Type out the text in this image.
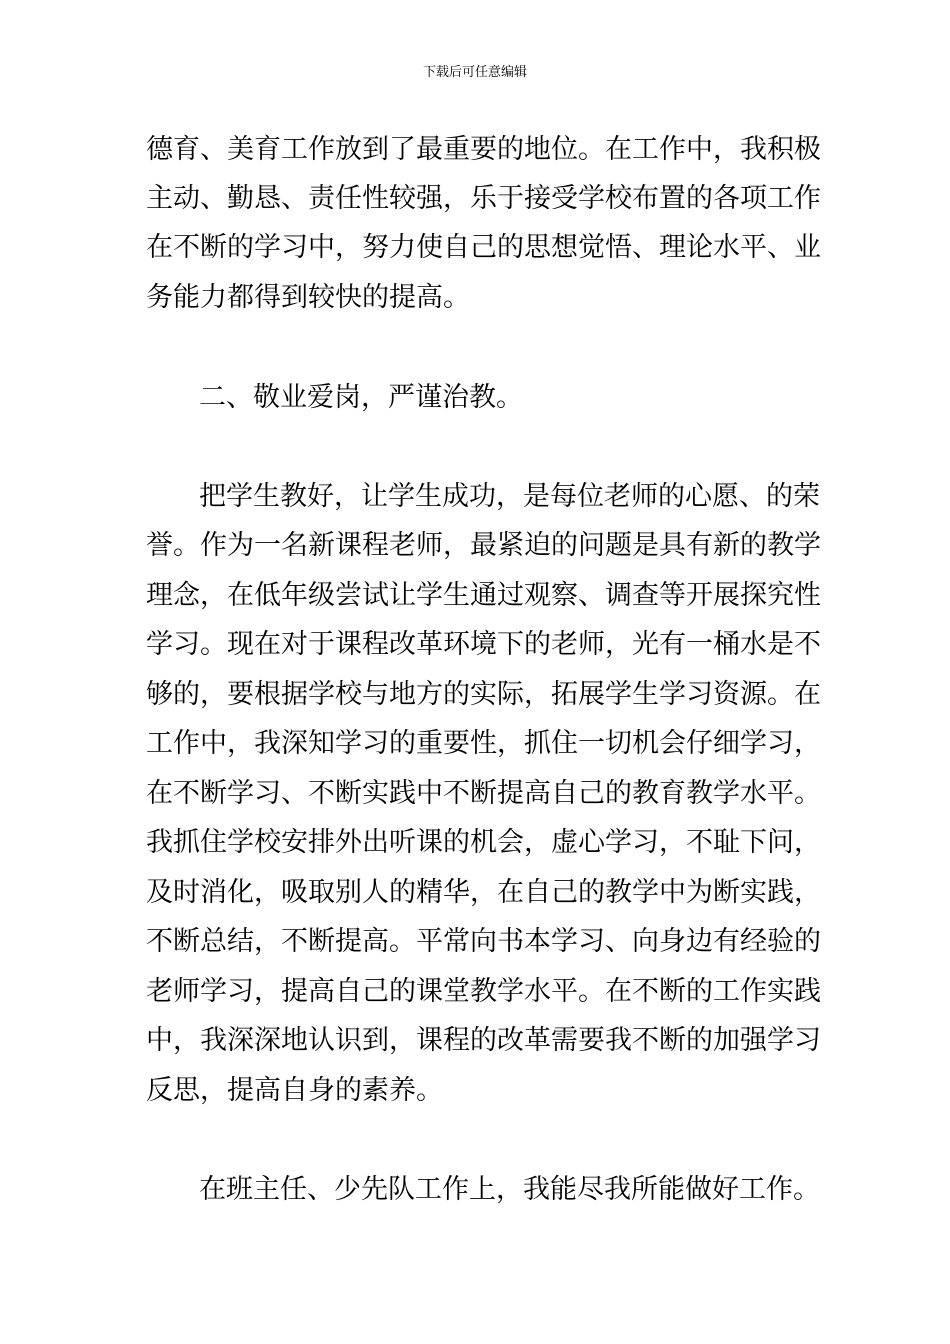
下载后可任意编辑
德育、美育工作放到了最重要的地位。在工作中，我积极
主动、勤恳、责任性较强，乐于接受学校布置的各项工作
在不断的学习中，努力使自己的思想觉悟、理论水平、业
务能力都得到较快的提高。
二、敬业爱岗，严谨治教。
把学生教好，让学生成功，是每位老师的心愿、的荣
誉。作为一名新课程老师，最紧迫的问题是具有新的教学
理念，在低年级尝试让学生通过观察、调查等开展探究性
学习。现在对于课程改革环境下的老师，光有一桶水是不
够的，要根据学校与地方的实际，拓展学生学习资源。在
工作中，我深知学习的重要性，抓住一切机会仔细学习，
在不断学习、不断实践中不断提高自己的教育教学水平。
我抓住学校安排外出听课的机会，虚心学习，不耻下问，
及时消化，吸取别人的精华，在自己的教学中为断实践，
不断总结，不断提高。平常向书本学习、向身边有经验的
老师学习，提高自己的课堂教学水平。在不断的工作实践
中，我深深地认识到，课程的改革需要我不断的加强学习
反思，提高自身的素养。
在班主任、少先队工作上，我能尽我所能做好工作。
